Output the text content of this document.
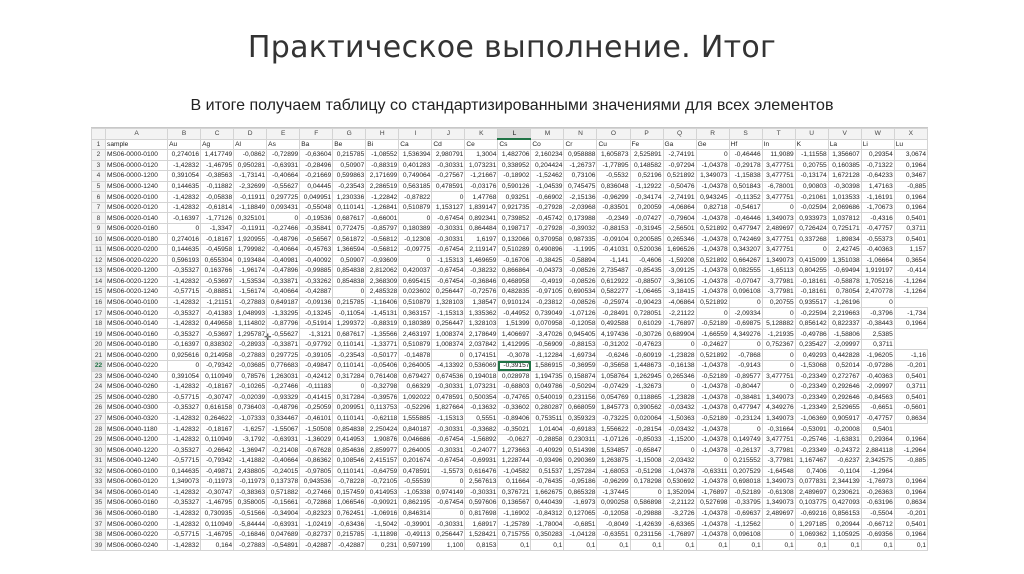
Практическое выполнение. Итог
В итоге получаем таблицу со стандартизированными значениями для всех элементов
	A	B	C	D	E	F	G	H	I	J	K	L	M	N	O	P	Q	R	S	T	U	V	W	X
1	sample	Au	Ag	Al	As	Ba	Be	Bi	Ca	Cd	Ce	Cs	Co	Cr	Cu	Fe	Ga	Ge	Hf	In	K	La	Li	Lu
2	MS06-0000-0100	0,274016	1,417749	-0,0862	-0,72899	-0,63604	0,215785	-1,08552	1,536394	2,980791	1,3004	1,482706	2,160234	0,958888	1,605873	2,525891	-2,74191	0	-0,46446	11,9089	-1,11558	1,356607	0,29354	3,0674
3	MS06-0000-0120	-1,42832	-1,46795	0,950281	-0,63931	-0,28496	0,50907	-0,88319	0,401283	-0,30331	1,073231	0,338952	0,204424	-1,26737	-1,77895	0,148582	-0,97294	-1,04378	-0,29178	3,477751	0,20755	0,160385	-0,71322	0,1964
4	MS06-0000-1200	0,391054	-0,38563	-1,73141	-0,40664	-0,21669	0,599863	2,171699	0,749064	-0,27567	-1,21667	-0,18902	-1,52462	0,73106	-0,5532	0,52196	0,521892	1,349073	-1,15838	3,477751	-0,13174	1,672128	-0,64233	0,3467
5	MS06-0000-1240	0,144635	-0,11882	-2,32699	-0,55627	0,04445	-0,23543	2,286519	0,563185	0,478591	-0,03176	0,590126	-1,04539	0,745475	0,836048	-1,12922	-0,50476	-1,04378	0,501843	-6,78001	0,90803	-0,30398	1,47163	-0,885
6	MS06-0020-0100	-1,42832	-0,05838	-0,11911	0,297725	0,049951	1,230336	-1,22842	-0,87822	0	1,47768	0,93251	-0,66902	-2,15136	-0,96299	-0,34174	-2,74191	0,943245	-0,11352	3,477751	-0,21061	1,013533	-1,16191	0,1964
7	MS06-0020-0120	-1,42832	-0,61814	-1,18849	0,093431	-0,55048	0,110141	-1,26841	0,510879	1,153127	1,839147	0,921735	-0,27928	-2,03968	-0,83501	0,20059	-4,06864	0,82718	-0,54617	0	-0,02594	2,069686	-1,70673	0,1964
8	MS06-0020-0140	-0,16397	-1,77126	0,325101	0	-0,19536	0,687617	-0,66001	0	-0,67454	0,892341	0,739852	-0,45742	0,173988	-0,2349	-0,07427	-0,79604	-1,04378	-0,46446	1,349073	0,933973	1,037812	-0,4316	0,5401
9	MS06-0020-0160	0	-1,3347	-0,11911	-0,27466	-0,35841	0,772475	-0,85797	0,180389	-0,30331	0,864484	0,198717	-0,27928	-0,39032	-0,88153	-0,31945	-2,56501	0,521892	0,477947	2,489697	0,726424	0,725171	-0,47757	0,3711
10	MS06-0020-0180	0,274016	-0,18167	1,920955	-0,48796	-0,56567	0,561872	-0,56812	-0,12308	-0,30331	1,6197	0,132066	0,370958	0,987335	-0,09104	0,200585	0,265346	-1,04378	0,742469	3,477751	0,337268	1,89834	-0,55373	0,5401
11	MS06-0020-0200	0,144635	-0,45958	1,799982	-0,40664	-0,45763	1,366594	-0,56812	-0,09775	-0,67454	2,119147	0,510289	0,490896	-1,1995	-0,41031	0,520036	1,696526	-1,04378	0,343207	3,477751	0	2,42745	-0,40363	1,157
12	MS06-0020-0220	0,596193	0,655304	0,193484	-0,40981	-0,40092	0,50907	-0,93609	0	-1,15313	1,469659	-0,16706	-0,38425	-0,58894	-1,141	-0,4606	-1,59208	0,521892	0,664267	1,349073	0,415099	1,351038	-1,06664	0,3654
13	MS06-0020-1200	-0,35327	0,163766	-1,96174	-0,47896	-0,99885	0,854838	2,812062	0,420037	-0,67454	-0,38232	0,866864	-0,04373	-0,08526	2,735487	-0,85435	-3,09125	-1,04378	0,082555	-1,65113	0,804255	-0,69494	1,919197	-0,414
14	MS06-0020-1220	-1,42832	-0,53697	-1,53534	-0,33871	-0,33262	0,854838	2,368309	0,695415	-0,67454	-0,36846	0,468958	-0,4919	-0,08526	0,612922	-0,88507	-3,36105	-1,04378	-0,07047	-3,77981	-0,18161	-0,58878	1,705216	-1,1264
15	MS06-0020-1240	-0,57715	-0,88851	-1,56174	-0,40664	-0,42887	0	2,485328	0,023602	0,256447	-0,72576	0,482835	-0,97105	0,690534	0,582277	-1,06465	-3,18415	-1,04378	0,096108	-3,77981	-0,18161	0,78054	2,470778	-1,1264
16	MS06-0040-0100	-1,42832	-1,21151	-0,27883	0,649187	-0,09136	0,215785	-1,16406	0,510879	1,328103	1,38547	0,910124	-0,23812	-0,08526	-0,25974	-0,90423	-4,06864	0,521892	0	0,20755	0,935517	-1,26196	0	
17	MS06-0040-0120	-0,35327	-0,41383	1,048993	-1,33295	-0,13245	-0,11054	-1,45131	0,363157	-1,15313	1,335362	-0,44952	0,739049	-1,07126	-0,28491	0,728051	-2,21122	0	-2,09334	0	-0,22594	2,219663	-0,3796	-1,734
18	MS06-0040-0140	-1,42832	0,449658	1,114802	-0,87796	-0,51914	1,299372	-0,88319	0,180389	0,256447	1,328103	1,51399	0,070958	-0,12058	0,492588	0,61029	-1,76897	-0,52189	-0,69875	5,128882	0,856142	0,822337	-0,38443	0,1964
19	MS06-0040-0160	-0,35327	-0,53697	1,295787	-0,55627	-1,3121	0,687617	-1,35566	2,463197	1,008374	2,178649	1,406697	-3,47026	0,945405	4,197436	-0,30726	0,689904	-1,66559	4,349276	-1,21935	-0,49786	-1,58806	2,5385	
20	MS06-0040-0180	-0,16397	0,838302	-0,28933	-0,33871	-0,97792	0,110141	-1,33771	0,510879	1,008374	2,037842	1,412995	-0,56909	-0,88153	-0,31202	-0,47623	0	-0,24627	0	0,752367	0,235427	-2,09997	0,3711	
21	MS06-0040-0200	0,925616	0,214958	-0,27883	0,297725	-0,39105	-0,23543	-0,50177	-0,14878	0	0,174151	-0,3078	-1,12284	-1,69734	-0,6246	-0,60919	-1,23828	0,521892	-0,7868	0	0,49293	0,442828	-1,96205	-1,16
22	MS06-0040-0220	0	-0,79342	-0,03685	0,776683	-0,49847	0,110141	-0,05406	0,264005	-4,13392	0,536069	-0,39157	1,586915	-0,36959	-0,35658	1,448673	-0,16138	-1,04378	-0,9143	0	-1,53068	0,52014	-0,97286	-0,201
23	MS06-0040-0240	0,391054	0,110949	0,78576	1,263031	-0,42412	0,317284	0,761408	0,679427	0,674536	0,194018	0,028978	1,194735	0,158874	1,058764	1,262945	0,265346	-0,52189	-0,89577	3,477751	-0,23349	0,272767	-0,40363	0,5401
24	MS06-0040-0260	-1,42832	-0,18167	-0,10265	-0,27466	-0,11183	0	-0,32798	0,66329	-0,30331	1,073231	-0,68803	0,049786	-0,50294	-0,07429	-1,32673	0	-1,04378	-0,80447	0	-0,23349	0,292646	-2,09997	0,3711
25	MS06-0040-0280	-0,57715	-0,30747	-0,02039	-0,93329	-0,41415	0,317284	-0,39576	1,092022	0,478591	0,500354	-0,74765	0,540019	0,231156	0,054769	0,118865	-1,23828	-1,04378	-0,38481	1,349073	-0,23349	0,292646	-0,84563	0,5401
26	MS06-0040-0300	-0,35327	0,616158	0,736403	-0,48796	-0,25059	0,209951	0,113753	-0,52296	1,827664	-0,13632	-0,33602	0,280287	0,668059	1,845773	0,390562	-0,03432	-1,04378	0,477947	4,349276	-1,23349	2,529655	-0,6651	-0,5601
27	MS06-0040-0320	-1,42832	0,264622	-1,07333	0,334467	-0,46101	0,110141	-0,62118	1,555885	-1,15313	0,5551	-0,89406	0,753511	0,359323	-0,73225	0,020064	-1,50363	-0,52189	-0,23124	1,349073	-1,06369	0,905917	-0,47757	0,8634
28	MS06-0040-1180	-1,42832	-0,18167	-1,6257	-1,55067	-1,50508	0,854838	2,250424	0,840187	-0,30331	-0,33682	-0,35021	1,01404	-0,69183	1,556622	-0,28154	-0,03432	-1,04378	0	-0,31664	-0,53091	-0,20008	0,5401	
29	MS06-0040-1200	-1,42832	0,110949	-3,1792	-0,63931	-1,36029	0,414953	1,90876	0,046686	-0,67454	-1,56892	-0,0627	-0,28858	0,230311	-1,07126	-0,85033	-1,15200	-1,04378	0,149749	3,477751	-0,25746	-1,63831	0,29364	0,1964
30	MS06-0040-1220	-0,35327	-0,26642	-1,36947	-0,21408	-0,67628	0,854636	2,859977	0,264005	-0,30331	-0,24077	1,273663	-0,40929	0,514398	1,534857	-0,65847	0	-1,04378	-0,26137	-3,77981	-0,23349	-0,24372	2,884118	-1,2964
31	MS06-0040-1240	-0,57715	-0,79342	-1,41882	-0,40664	-0,86362	0,108546	2,415157	0,201674	-0,67454	-0,69931	1,228744	-0,93496	0,290369	1,263875	-1,15008	-2,03432	0	0,215552	-3,77981	1,167467	-0,6237	2,342575	-0,885
32	MS06-0060-0100	0,144635	-0,49871	2,438805	-0,24015	-0,97805	0,110141	-0,64759	0,478591	-1,5573	0,616476	-1,04582	0,51537	1,257284	-1,68053	-0,51298	-1,04378	-0,63311	0,207529	-1,64548	0,7406	-0,1104	-1,2964	
33	MS06-0060-0120	1,349073	-0,11973	-0,11973	0,137378	0,943536	-0,78228	-0,72105	-0,55539	0	2,567613	0,11664	-0,76435	-0,95186	-0,96299	0,178298	0,530692	-1,04378	0,698018	1,349073	0,077831	2,344139	-1,76973	0,1964
34	MS06-0060-0140	-1,42832	-0,30747	-0,38363	0,571882	-0,27466	0,157459	0,414953	-1,05338	0,974149	-0,30331	0,376721	1,662675	0,865328	-1,37445	0	1,352094	-1,76897	-0,52189	-0,61308	2,489697	0,230621	-0,26363	0,1964
35	MS06-0060-0160	-0,35327	-1,46795	0,358005	-0,15661	-0,72868	1,066546	-0,90921	0,862195	-0,67454	0,597606	0,136567	0,440439	-1,6973	0,090258	0,586898	-2,21122	0,527698	-0,33795	1,349073	0,103775	0,427093	-0,63196	0,8634
36	MS06-0060-0180	-1,42832	0,730935	-0,51566	-0,34904	-0,82323	0,762451	-1,06916	0,846314	0	0,817698	-1,16902	-0,84312	0,127065	-0,12058	-0,29888	-3,2726	-1,04378	-0,69637	2,489697	-0,69216	0,856153	-0,5504	-0,201
37	MS06-0060-0200	-1,42832	0,110949	-5,84444	-0,63931	-1,02419	-0,63436	-1,5042	-0,39901	-0,30331	1,68917	-1,25789	-1,78004	-0,6851	-0,8049	-1,42639	-6,63365	-1,04378	-1,12562	0	1,297185	0,20944	-0,66712	0,5401
38	MS06-0060-0220	-0,57715	-1,46795	-0,16846	0,047689	-0,82737	0,215785	-1,11898	-0,49113	0,256447	1,528421	0,715755	0,350283	-1,04128	-0,63551	0,231156	-1,76897	-1,04378	0,096108	0	1,069362	1,105925	-0,69356	0,1964
39	MS06-0060-0240	-1,42832	0,164	-0,27883	-0,54891	-0,42887	-0,42887	0,231	0,597199	1,100	0,8153	0,1	0,1	0,1	0,1	0,1	0,1	0,1	0,1	0,1	0,1	0,1	0,1	0,1
✛
